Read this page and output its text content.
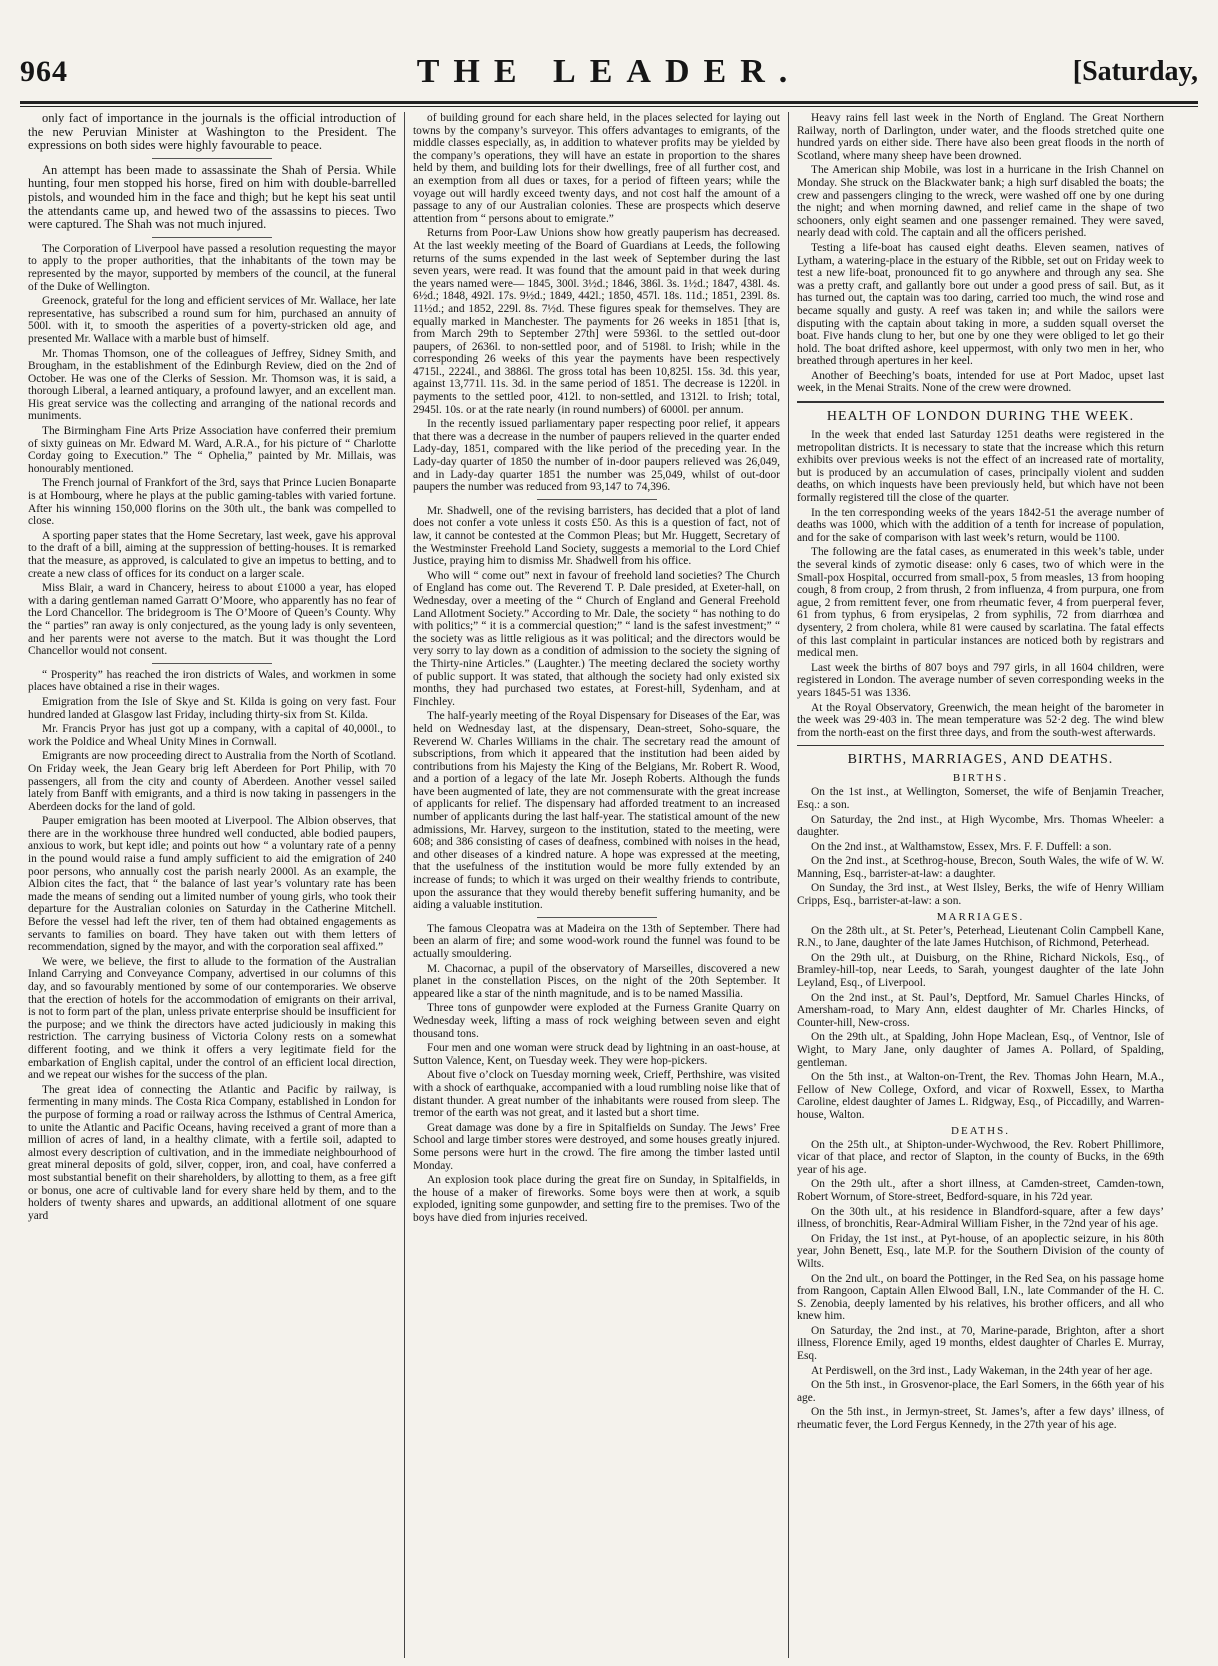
964	THE LEADER.	[Saturday,

only fact of importance in the journals is the official introduction of the new Peruvian Minister at Washington to the President. The expressions on both sides were highly favourable to peace.

An attempt has been made to assassinate the Shah of Persia. While hunting, four men stopped his horse, fired on him with double-barrelled pistols, and wounded him in the face and thigh; but he kept his seat until the attendants came up, and hewed two of the assassins to pieces. Two were captured. The Shah was not much injured.

The Corporation of Liverpool have passed a resolution requesting the mayor to apply to the proper authorities, that the inhabitants of the town may be represented by the mayor, supported by members of the council, at the funeral of the Duke of Wellington.

Greenock, grateful for the long and efficient services of Mr. Wallace, her late representative, has subscribed a round sum for him, purchased an annuity of 500l. with it, to smooth the asperities of a poverty-stricken old age, and presented Mr. Wallace with a marble bust of himself.

Mr. Thomas Thomson, one of the colleagues of Jeffrey, Sidney Smith, and Brougham, in the establishment of the Edinburgh Review, died on the 2nd of October. He was one of the Clerks of Session. Mr. Thomson was, it is said, a thorough Liberal, a learned antiquary, a profound lawyer, and an excellent man. His great service was the collecting and arranging of the national records and muniments.

The Birmingham Fine Arts Prize Association have conferred their premium of sixty guineas on Mr. Edward M. Ward, A.R.A., for his picture of “ Charlotte Corday going to Execution.” The “ Ophelia,” painted by Mr. Millais, was honourably mentioned.

The French journal of Frankfort of the 3rd, says that Prince Lucien Bonaparte is at Hombourg, where he plays at the public gaming-tables with varied fortune. After his winning 150,000 florins on the 30th ult., the bank was compelled to close.

A sporting paper states that the Home Secretary, last week, gave his approval to the draft of a bill, aiming at the suppression of betting-houses. It is remarked that the measure, as approved, is calculated to give an impetus to betting, and to create a new class of offices for its conduct on a larger scale.

Miss Blair, a ward in Chancery, heiress to about £1000 a year, has eloped with a daring gentleman named Garratt O’Moore, who apparently has no fear of the Lord Chancellor. The bridegroom is The O’Moore of Queen’s County. Why the “ parties” ran away is only conjectured, as the young lady is only seventeen, and her parents were not averse to the match. But it was thought the Lord Chancellor would not consent.

“ Prosperity” has reached the iron districts of Wales, and workmen in some places have obtained a rise in their wages.

Emigration from the Isle of Skye and St. Kilda is going on very fast. Four hundred landed at Glasgow last Friday, including thirty-six from St. Kilda.

Mr. Francis Pryor has just got up a company, with a capital of 40,000l., to work the Poldice and Wheal Unity Mines in Cornwall.

Emigrants are now proceeding direct to Australia from the North of Scotland. On Friday week, the Jean Geary brig left Aberdeen for Port Philip, with 70 passengers, all from the city and county of Aberdeen. Another vessel sailed lately from Banff with emigrants, and a third is now taking in passengers in the Aberdeen docks for the land of gold.

Pauper emigration has been mooted at Liverpool. The Albion observes, that there are in the workhouse three hundred well conducted, able bodied paupers, anxious to work, but kept idle; and points out how “ a voluntary rate of a penny in the pound would raise a fund amply sufficient to aid the emigration of 240 poor persons, who annually cost the parish nearly 2000l. As an example, the Albion cites the fact, that “ the balance of last year’s voluntary rate has been made the means of sending out a limited number of young girls, who took their departure for the Australian colonies on Saturday in the Catherine Mitchell. Before the vessel had left the river, ten of them had obtained engagements as servants to families on board. They have taken out with them letters of recommendation, signed by the mayor, and with the corporation seal affixed.”

We were, we believe, the first to allude to the formation of the Australian Inland Carrying and Conveyance Company, advertised in our columns of this day, and so favourably mentioned by some of our contemporaries. We observe that the erection of hotels for the accommodation of emigrants on their arrival, is not to form part of the plan, unless private enterprise should be insufficient for the purpose; and we think the directors have acted judiciously in making this restriction. The carrying business of Victoria Colony rests on a somewhat different footing, and we think it offers a very legitimate field for the embarkation of English capital, under the control of an efficient local direction, and we repeat our wishes for the success of the plan.

The great idea of connecting the Atlantic and Pacific by railway, is fermenting in many minds. The Costa Rica Company, established in London for the purpose of forming a road or railway across the Isthmus of Central America, to unite the Atlantic and Pacific Oceans, having received a grant of more than a million of acres of land, in a healthy climate, with a fertile soil, adapted to almost every description of cultivation, and in the immediate neighbourhood of great mineral deposits of gold, silver, copper, iron, and coal, have conferred a most substantial benefit on their shareholders, by allotting to them, as a free gift or bonus, one acre of cultivable land for every share held by them, and to the holders of twenty shares and upwards, an additional allotment of one square yard

of building ground for each share held, in the places selected for laying out towns by the company’s surveyor. This offers advantages to emigrants, of the middle classes especially, as, in addition to whatever profits may be yielded by the company’s operations, they will have an estate in proportion to the shares held by them, and building lots for their dwellings, free of all further cost, and an exemption from all dues or taxes, for a period of fifteen years; while the voyage out will hardly exceed twenty days, and not cost half the amount of a passage to any of our Australian colonies. These are prospects which deserve attention from “ persons about to emigrate.”

Returns from Poor-Law Unions show how greatly pauperism has decreased. At the last weekly meeting of the Board of Guardians at Leeds, the following returns of the sums expended in the last week of September during the last seven years, were read. It was found that the amount paid in that week during the years named were— 1845, 300l. 3½d.; 1846, 386l. 3s. 1½d.; 1847, 438l. 4s. 6½d.; 1848, 492l. 17s. 9½d.; 1849, 442l.; 1850, 457l. 18s. 11d.; 1851, 239l. 8s. 11½d.; and 1852, 229l. 8s. 7½d. These figures speak for themselves. They are equally marked in Manchester. The payments for 26 weeks in 1851 [that is, from March 29th to September 27th] were 5936l. to the settled out-door paupers, of 2636l. to non-settled poor, and of 5198l. to Irish; while in the corresponding 26 weeks of this year the payments have been respectively 4715l., 2224l., and 3886l. The gross total has been 10,825l. 15s. 3d. this year, against 13,771l. 11s. 3d. in the same period of 1851. The decrease is 1220l. in payments to the settled poor, 412l. to non-settled, and 1312l. to Irish; total, 2945l. 10s. or at the rate nearly (in round numbers) of 6000l. per annum.

In the recently issued parliamentary paper respecting poor relief, it appears that there was a decrease in the number of paupers relieved in the quarter ended Lady-day, 1851, compared with the like period of the preceding year. In the Lady-day quarter of 1850 the number of in-door paupers relieved was 26,049, and in Lady-day quarter 1851 the number was 25,049, whilst of out-door paupers the number was reduced from 93,147 to 74,396.

Mr. Shadwell, one of the revising barristers, has decided that a plot of land does not confer a vote unless it costs £50. As this is a question of fact, not of law, it cannot be contested at the Common Pleas; but Mr. Huggett, Secretary of the Westminster Freehold Land Society, suggests a memorial to the Lord Chief Justice, praying him to dismiss Mr. Shadwell from his office.

Who will “ come out” next in favour of freehold land societies? The Church of England has come out. The Reverend T. P. Dale presided, at Exeter-hall, on Wednesday, over a meeting of the “ Church of England and General Freehold Land Allotment Society.” According to Mr. Dale, the society “ has nothing to do with politics;” “ it is a commercial question;” “ land is the safest investment;” “ the society was as little religious as it was political; and the directors would be very sorry to lay down as a condition of admission to the society the signing of the Thirty-nine Articles.” (Laughter.) The meeting declared the society worthy of public support. It was stated, that although the society had only existed six months, they had purchased two estates, at Forest-hill, Sydenham, and at Finchley.

The half-yearly meeting of the Royal Dispensary for Diseases of the Ear, was held on Wednesday last, at the dispensary, Dean-street, Soho-square, the Reverend W. Charles Williams in the chair. The secretary read the amount of subscriptions, from which it appeared that the institution had been aided by contributions from his Majesty the King of the Belgians, Mr. Robert R. Wood, and a portion of a legacy of the late Mr. Joseph Roberts. Although the funds have been augmented of late, they are not commensurate with the great increase of applicants for relief. The dispensary had afforded treatment to an increased number of applicants during the last half-year. The statistical amount of the new admissions, Mr. Harvey, surgeon to the institution, stated to the meeting, were 608; and 386 consisting of cases of deafness, combined with noises in the head, and other diseases of a kindred nature. A hope was expressed at the meeting, that the usefulness of the institution would be more fully extended by an increase of funds; to which it was urged on their wealthy friends to contribute, upon the assurance that they would thereby benefit suffering humanity, and be aiding a valuable institution.

The famous Cleopatra was at Madeira on the 13th of September. There had been an alarm of fire; and some wood-work round the funnel was found to be actually smouldering.

M. Chacornac, a pupil of the observatory of Marseilles, discovered a new planet in the constellation Pisces, on the night of the 20th September. It appeared like a star of the ninth magnitude, and is to be named Massilia.

Three tons of gunpowder were exploded at the Furness Granite Quarry on Wednesday week, lifting a mass of rock weighing between seven and eight thousand tons.

Four men and one woman were struck dead by lightning in an oast-house, at Sutton Valence, Kent, on Tuesday week. They were hop-pickers.

About five o’clock on Tuesday morning week, Crieff, Perthshire, was visited with a shock of earthquake, accompanied with a loud rumbling noise like that of distant thunder. A great number of the inhabitants were roused from sleep. The tremor of the earth was not great, and it lasted but a short time.

Great damage was done by a fire in Spitalfields on Sunday. The Jews’ Free School and large timber stores were destroyed, and some houses greatly injured. Some persons were hurt in the crowd. The fire among the timber lasted until Monday.

An explosion took place during the great fire on Sunday, in Spitalfields, in the house of a maker of fireworks. Some boys were then at work, a squib exploded, igniting some gunpowder, and setting fire to the premises. Two of the boys have died from injuries received.

Heavy rains fell last week in the North of England. The Great Northern Railway, north of Darlington, under water, and the floods stretched quite one hundred yards on either side. There have also been great floods in the north of Scotland, where many sheep have been drowned.

The American ship Mobile, was lost in a hurricane in the Irish Channel on Monday. She struck on the Blackwater bank; a high surf disabled the boats; the crew and passengers clinging to the wreck, were washed off one by one during the night; and when morning dawned, and relief came in the shape of two schooners, only eight seamen and one passenger remained. They were saved, nearly dead with cold. The captain and all the officers perished.

Testing a life-boat has caused eight deaths. Eleven seamen, natives of Lytham, a watering-place in the estuary of the Ribble, set out on Friday week to test a new life-boat, pronounced fit to go anywhere and through any sea. She was a pretty craft, and gallantly bore out under a good press of sail. But, as it has turned out, the captain was too daring, carried too much, the wind rose and became squally and gusty. A reef was taken in; and while the sailors were disputing with the captain about taking in more, a sudden squall overset the boat. Five hands clung to her, but one by one they were obliged to let go their hold. The boat drifted ashore, keel uppermost, with only two men in her, who breathed through apertures in her keel.

Another of Beeching’s boats, intended for use at Port Madoc, upset last week, in the Menai Straits. None of the crew were drowned.

HEALTH OF LONDON DURING THE WEEK.

In the week that ended last Saturday 1251 deaths were registered in the metropolitan districts. It is necessary to state that the increase which this return exhibits over previous weeks is not the effect of an increased rate of mortality, but is produced by an accumulation of cases, principally violent and sudden deaths, on which inquests have been previously held, but which have not been formally registered till the close of the quarter.

In the ten corresponding weeks of the years 1842-51 the average number of deaths was 1000, which with the addition of a tenth for increase of population, and for the sake of comparison with last week’s return, would be 1100.

The following are the fatal cases, as enumerated in this week’s table, under the several kinds of zymotic disease: only 6 cases, two of which were in the Small-pox Hospital, occurred from small-pox, 5 from measles, 13 from hooping cough, 8 from croup, 2 from thrush, 2 from influenza, 4 from purpura, one from ague, 2 from remittent fever, one from rheumatic fever, 4 from puerperal fever, 61 from typhus, 6 from erysipelas, 2 from syphilis, 72 from diarrhœa and dysentery, 2 from cholera, while 81 were caused by scarlatina. The fatal effects of this last complaint in particular instances are noticed both by registrars and medical men.

Last week the births of 807 boys and 797 girls, in all 1604 children, were registered in London. The average number of seven corresponding weeks in the years 1845-51 was 1336.

At the Royal Observatory, Greenwich, the mean height of the barometer in the week was 29·403 in. The mean temperature was 52·2 deg. The wind blew from the north-east on the first three days, and from the south-west afterwards.

BIRTHS, MARRIAGES, AND DEATHS.
BIRTHS.

On the 1st inst., at Wellington, Somerset, the wife of Benjamin Treacher, Esq.: a son.

On Saturday, the 2nd inst., at High Wycombe, Mrs. Thomas Wheeler: a daughter.

On the 2nd inst., at Walthamstow, Essex, Mrs. F. F. Duffell: a son.

On the 2nd inst., at Scethrog-house, Brecon, South Wales, the wife of W. W. Manning, Esq., barrister-at-law: a daughter.

On Sunday, the 3rd inst., at West Ilsley, Berks, the wife of Henry William Cripps, Esq., barrister-at-law: a son.

MARRIAGES.

On the 28th ult., at St. Peter’s, Peterhead, Lieutenant Colin Campbell Kane, R.N., to Jane, daughter of the late James Hutchison, of Richmond, Peterhead.

On the 29th ult., at Duisburg, on the Rhine, Richard Nickols, Esq., of Bramley-hill-top, near Leeds, to Sarah, youngest daughter of the late John Leyland, Esq., of Liverpool.

On the 2nd inst., at St. Paul’s, Deptford, Mr. Samuel Charles Hincks, of Amersham-road, to Mary Ann, eldest daughter of Mr. Charles Hincks, of Counter-hill, New-cross.

On the 29th ult., at Spalding, John Hope Maclean, Esq., of Ventnor, Isle of Wight, to Mary Jane, only daughter of James A. Pollard, of Spalding, gentleman.

On the 5th inst., at Walton-on-Trent, the Rev. Thomas John Hearn, M.A., Fellow of New College, Oxford, and vicar of Roxwell, Essex, to Martha Caroline, eldest daughter of James L. Ridgway, Esq., of Piccadilly, and Warren-house, Walton.

DEATHS.

On the 25th ult., at Shipton-under-Wychwood, the Rev. Robert Phillimore, vicar of that place, and rector of Slapton, in the county of Bucks, in the 69th year of his age.

On the 29th ult., after a short illness, at Camden-street, Camden-town, Robert Wornum, of Store-street, Bedford-square, in his 72d year.

On the 30th ult., at his residence in Blandford-square, after a few days’ illness, of bronchitis, Rear-Admiral William Fisher, in the 72nd year of his age.

On Friday, the 1st inst., at Pyt-house, of an apoplectic seizure, in his 80th year, John Benett, Esq., late M.P. for the Southern Division of the county of Wilts.

On the 2nd ult., on board the Pottinger, in the Red Sea, on his passage home from Rangoon, Captain Allen Elwood Ball, I.N., late Commander of the H. C. S. Zenobia, deeply lamented by his relatives, his brother officers, and all who knew him.

On Saturday, the 2nd inst., at 70, Marine-parade, Brighton, after a short illness, Florence Emily, aged 19 months, eldest daughter of Charles E. Murray, Esq.

At Perdiswell, on the 3rd inst., Lady Wakeman, in the 24th year of her age.

On the 5th inst., in Grosvenor-place, the Earl Somers, in the 66th year of his age.

On the 5th inst., in Jermyn-street, St. James’s, after a few days’ illness, of rheumatic fever, the Lord Fergus Kennedy, in the 27th year of his age.
